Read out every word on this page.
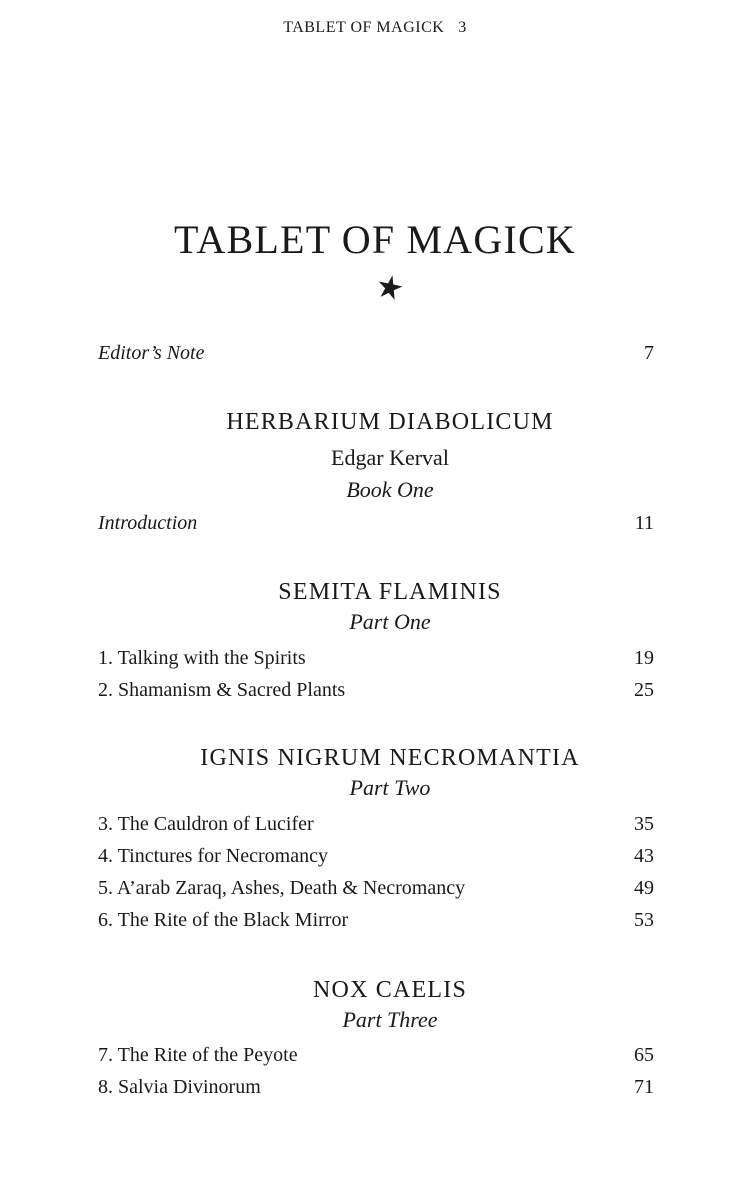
TABLET OF MAGICK 3
TABLET OF MAGICK
Editor’s Note	7
HERBARIUM DIABOLICUM
Edgar Kerval
Book One
Introduction	11
SEMITA FLAMINIS
Part One
1. Talking with the Spirits	19
2. Shamanism & Sacred Plants	25
IGNIS NIGRUM NECROMANTIA
Part Two
3. The Cauldron of Lucifer	35
4. Tinctures for Necromancy	43
5. A’arab Zaraq, Ashes, Death & Necromancy	49
6. The Rite of the Black Mirror	53
NOX CAELIS
Part Three
7. The Rite of the Peyote	65
8. Salvia Divinorum	71
